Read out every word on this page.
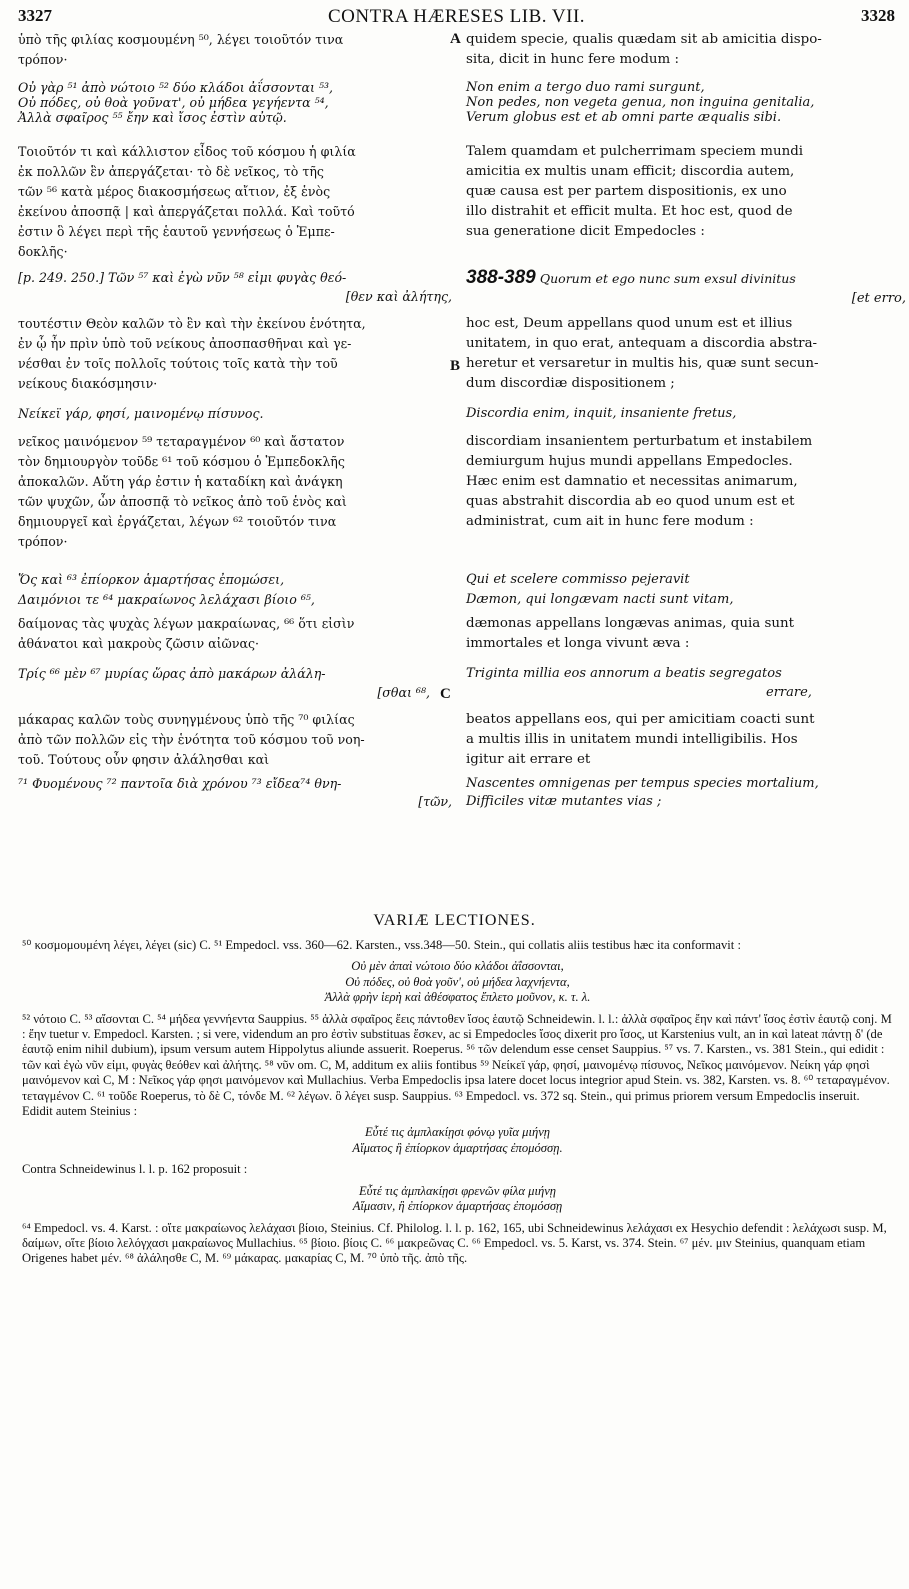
3327	CONTRA HÆRESES LIB. VII.	3328

ὑπὸ τῆς φιλίας κοσμουμένη ⁵⁰, λέγει τοιοῦτόν τινα

τρόπον·

A quidem specie, qualis quædam sit ab amicitia dispo-

sita, dicit in hunc fere modum :

Οὐ γὰρ ⁵¹ ἀπὸ νώτοιο ⁵² δύο κλάδοι ἀΐσσονται ⁵³,

Οὐ πόδες, οὐ θοὰ γοῦνατ', οὐ μήδεα γεγήεντα ⁵⁴,

Ἀλλὰ σφαῖρος ⁵⁵ ἔην καὶ ἴσος ἐστὶν αὐτῷ.

Non enim a tergo duo rami surgunt,

Non pedes, non vegeta genua, non inguina genitalia,

Verum globus est et ab omni parte æqualis sibi.

Τοιοῦτόν τι καὶ κάλλιστον εἶδος τοῦ κόσμου ἡ φιλία

ἐκ πολλῶν ἓν ἀπεργάζεται· τὸ δὲ νεῖκος, τὸ τῆς

τῶν ⁵⁶ κατὰ μέρος διακοσμήσεως αἴτιον, ἐξ ἑνὸς

ἐκείνου ἀποσπᾷ | καὶ ἀπεργάζεται πολλά. Καὶ τοῦτό

ἐστιν ὃ λέγει περὶ τῆς ἑαυτοῦ γεννήσεως ὁ Ἐμπε-

δοκλῆς·

Talem quamdam et pulcherrimam speciem mundi

amicitia ex multis unam efficit; discordia autem,

quæ causa est per partem dispositionis, ex uno

illo distrahit et efficit multa. Et hoc est, quod de

sua generatione dicit Empedocles :

[p. 249. 250.] Τῶν ⁵⁷ καὶ ἐγὼ νῦν ⁵⁸ εἰμι φυγὰς θεό-

[θεν καὶ ἀλήτης,

388-389 Quorum et ego nunc sum exsul divinitus

[et erro,

τουτέστιν Θεὸν καλῶν τὸ ἓν καὶ τὴν ἐκείνου ἑνότητα,

ἐν ᾧ ἦν πρὶν ὑπὸ τοῦ νείκους ἀποσπασθῆναι καὶ γε-

νέσθαι ἐν τοῖς πολλοῖς τούτοις τοῖς κατὰ τὴν τοῦ

νείκους διακόσμησιν·

B

hoc est, Deum appellans quod unum est et illius

unitatem, in quo erat, antequam a discordia abstra-

heretur et versaretur in multis his, quæ sunt secun-

dum discordiæ dispositionem ;

Νείκεϊ γάρ, φησί, μαινομένῳ πίσυνος.	Discordia enim, inquit, insaniente fretus,

νεῖκος μαινόμενον ⁵⁹ τεταραγμένον ⁶⁰ καὶ ἄστατον

τὸν δημιουργὸν τοῦδε ⁶¹ τοῦ κόσμου ὁ Ἐμπεδοκλῆς

ἀποκαλῶν. Αὕτη γάρ ἐστιν ἡ καταδίκη καὶ ἀνάγκη

τῶν ψυχῶν, ὧν ἀποσπᾷ τὸ νεῖκος ἀπὸ τοῦ ἑνὸς καὶ

δημιουργεῖ καὶ ἐργάζεται, λέγων ⁶² τοιοῦτόν τινα

τρόπον·

discordiam insanientem perturbatum et instabilem

demiurgum hujus mundi appellans Empedocles.

Hæc enim est damnatio et necessitas animarum,

quas abstrahit discordia ab eo quod unum est et

administrat, cum ait in hunc fere modum :

Ὅς καὶ ⁶³ ἐπίορκον ἁμαρτήσας ἐπομώσει,

Δαιμόνιοι τε ⁶⁴ μακραίωνος λελάχασι βίοιο ⁶⁵,

Qui et scelere commisso pejeravit

Dæmon, qui longævam nacti sunt vitam,

δαίμονας τὰς ψυχὰς λέγων μακραίωνας, ⁶⁶ ὅτι εἰσὶν

ἀθάνατοι καὶ μακροὺς ζῶσιν αἰῶνας·

dæmonas appellans longævas animas, quia sunt

immortales et longa vivunt æva :

Τρίς ⁶⁶ μὲν ⁶⁷ μυρίας ὥρας ἀπὸ μακάρων ἀλάλη-

[σθαι ⁶⁸, C

Triginta millia eos annorum a beatis segregatos

errare,

μάκαρας καλῶν τοὺς συνηγμένους ὑπὸ τῆς ⁷⁰ φιλίας

ἀπὸ τῶν πολλῶν εἰς τὴν ἑνότητα τοῦ κόσμου τοῦ νοη-

τοῦ. Τούτους οὖν φησιν ἀλάλησθαι καὶ

beatos appellans eos, qui per amicitiam coacti sunt

a multis illis in unitatem mundi intelligibilis. Hos

igitur ait errare et

⁷¹ Φυομένους ⁷² παντοῖα διὰ χρόνου ⁷³ εἴδεα⁷⁴ θνη-

[τῶν,

Nascentes omnigenas per tempus species mortalium,

Difficiles vitæ mutantes vias ;

VARIÆ LECTIONES.

⁵⁰ κοσμομουμένη λέγει, λέγει (sic) C. ⁵¹ Empedocl. vss. 360—62. Karsten., vss.348—50. Stein., qui collatis aliis testibus hæc ita conformavit :

Οὐ μὲν ἀπαὶ νώτοιο δύο κλάδοι ἀΐσσονται,

Οὐ πόδες, οὐ θοὰ γοῦν', οὐ μήδεα λαχνήεντα,

Ἀλλὰ φρὴν ἱερὴ καὶ ἀθέσφατος ἔπλετο μοῦνον, κ. τ. λ.

⁵² νότοιο C. ⁵³ αἴσονται C. ⁵⁴ μήδεα γεννήεντα Sauppius. ⁵⁵ ἀλλὰ σφαῖρος ἔεις πάντοθεν ἴσος ἑαυτῷ Schneidewin. l. l.: ἀλλὰ σφαῖρος ἔην καὶ πάντ' ἴσος ἐστὶν ἑαυτῷ conj. M : ἔην tuetur v. Empedocl. Karsten. ; si vere, videndum an pro ἐστὶν substituas ἔσκεν, ac si Empedocles ἴσος dixerit pro ἴσος, ut Karstenius vult, an in καὶ lateat πάντῃ δ' (de ἑαυτῷ enim nihil dubium), ipsum versum autem Hippolytus aliunde assuerit. Roeperus. ⁵⁶ τῶν delendum esse censet Sauppius. ⁵⁷ vs. 7. Karsten., vs. 381 Stein., qui edidit : τῶν καὶ ἐγὼ νῦν εἰμι, φυγὰς θεόθεν καὶ ἀλήτης. ⁵⁸ νῦν om. C, M, additum ex aliis fontibus ⁵⁹ Νείκεϊ γάρ, φησί, μαινομένῳ πίσυνος, Νεῖκος μαινόμενον. Νείκη γάρ φησὶ μαινόμενον καὶ C, M : Νεῖκος γάρ φησι μαινόμενον καὶ Mullachius. Verba Empedoclis ipsa latere docet locus integrior apud Stein. vs. 382, Karsten. vs. 8. ⁶⁰ τεταραγμένον. τεταγμένον C. ⁶¹ τοῦδε Roeperus, τὸ δὲ C, τόνδε M. ⁶² λέγων. ὃ λέγει susp. Sauppius. ⁶³ Empedocl. vs. 372 sq. Stein., qui primus priorem versum Empedoclis inseruit. Edidit autem Steinius :

Εὖτέ τις ἀμπλακίῃσι φόνῳ γυῖα μιήνῃ

Αἵματος ἢ ἐπίορκον ἁμαρτήσας ἐπομόσσῃ.

Contra Schneidewinus l. l. p. 162 proposuit :

Εὖτέ τις ἀμπλακίῃσι φρενῶν φίλα μιήνῃ

Αἵμασιν, ἢ ἐπίορκον ἁμαρτήσας ἐπομόσσῃ

⁶⁴ Empedocl. vs. 4. Karst. : οἵτε μακραίωνος λελάχασι βίοιο, Steinius. Cf. Philolog. l. l. p. 162, 165, ubi Schneidewinus λελάχασι ex Hesychio defendit : λελάχωσι susp. M, δαίμων, οἵτε βίοιο λελόγχασι μακραίωνος Mullachius. ⁶⁵ βίοιο. βίοις C. ⁶⁶ μακρεῶνας C. ⁶⁶ Empedocl. vs. 5. Karst, vs. 374. Stein. ⁶⁷ μέν. μιν Steinius, quanquam etiam Origenes habet μέν. ⁶⁸ ἀλάλησθε C, M. ⁶⁹ μάκαρας. μακαρίας C, M. ⁷⁰ ὑπὸ τῆς. ἀπὸ τῆς.
